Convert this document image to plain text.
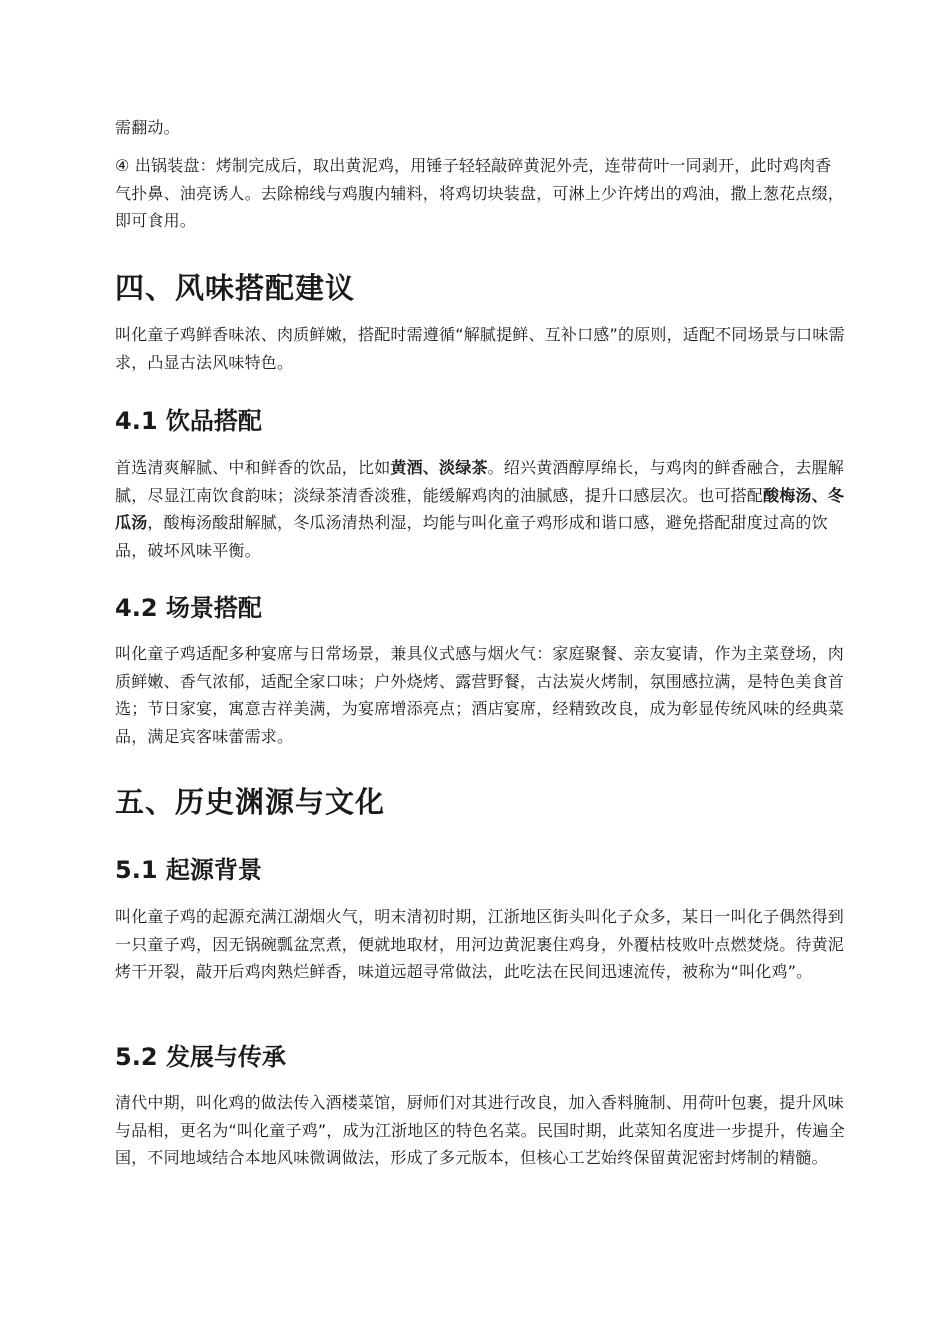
需翻动。

④ 出锅装盘：烤制完成后，取出黄泥鸡，用锤子轻轻敲碎黄泥外壳，连带荷叶一同剥开，此时鸡肉香气扑鼻、油亮诱人。去除棉线与鸡腹内辅料，将鸡切块装盘，可淋上少许烤出的鸡油，撒上葱花点缀，即可食用。

四、风味搭配建议

叫化童子鸡鲜香味浓、肉质鲜嫩，搭配时需遵循“解腻提鲜、互补口感”的原则，适配不同场景与口味需求，凸显古法风味特色。

4.1 饮品搭配

首选清爽解腻、中和鲜香的饮品，比如黄酒、淡绿茶。绍兴黄酒醇厚绵长，与鸡肉的鲜香融合，去腥解腻，尽显江南饮食韵味；淡绿茶清香淡雅，能缓解鸡肉的油腻感，提升口感层次。也可搭配酸梅汤、冬瓜汤，酸梅汤酸甜解腻，冬瓜汤清热利湿，均能与叫化童子鸡形成和谐口感，避免搭配甜度过高的饮品，破坏风味平衡。

4.2 场景搭配

叫化童子鸡适配多种宴席与日常场景，兼具仪式感与烟火气：家庭聚餐、亲友宴请，作为主菜登场，肉质鲜嫩、香气浓郁，适配全家口味；户外烧烤、露营野餐，古法炭火烤制，氛围感拉满，是特色美食首选；节日家宴，寓意吉祥美满，为宴席增添亮点；酒店宴席，经精致改良，成为彰显传统风味的经典菜品，满足宾客味蕾需求。

五、历史渊源与文化
5.1 起源背景

叫化童子鸡的起源充满江湖烟火气，明末清初时期，江浙地区街头叫化子众多，某日一叫化子偶然得到一只童子鸡，因无锅碗瓢盆烹煮，便就地取材，用河边黄泥裹住鸡身，外覆枯枝败叶点燃焚烧。待黄泥烤干开裂，敲开后鸡肉熟烂鲜香，味道远超寻常做法，此吃法在民间迅速流传，被称为“叫化鸡”。

5.2 发展与传承

清代中期，叫化鸡的做法传入酒楼菜馆，厨师们对其进行改良，加入香料腌制、用荷叶包裹，提升风味与品相，更名为“叫化童子鸡”，成为江浙地区的特色名菜。民国时期，此菜知名度进一步提升，传遍全国，不同地域结合本地风味微调做法，形成了多元版本，但核心工艺始终保留黄泥密封烤制的精髓。
